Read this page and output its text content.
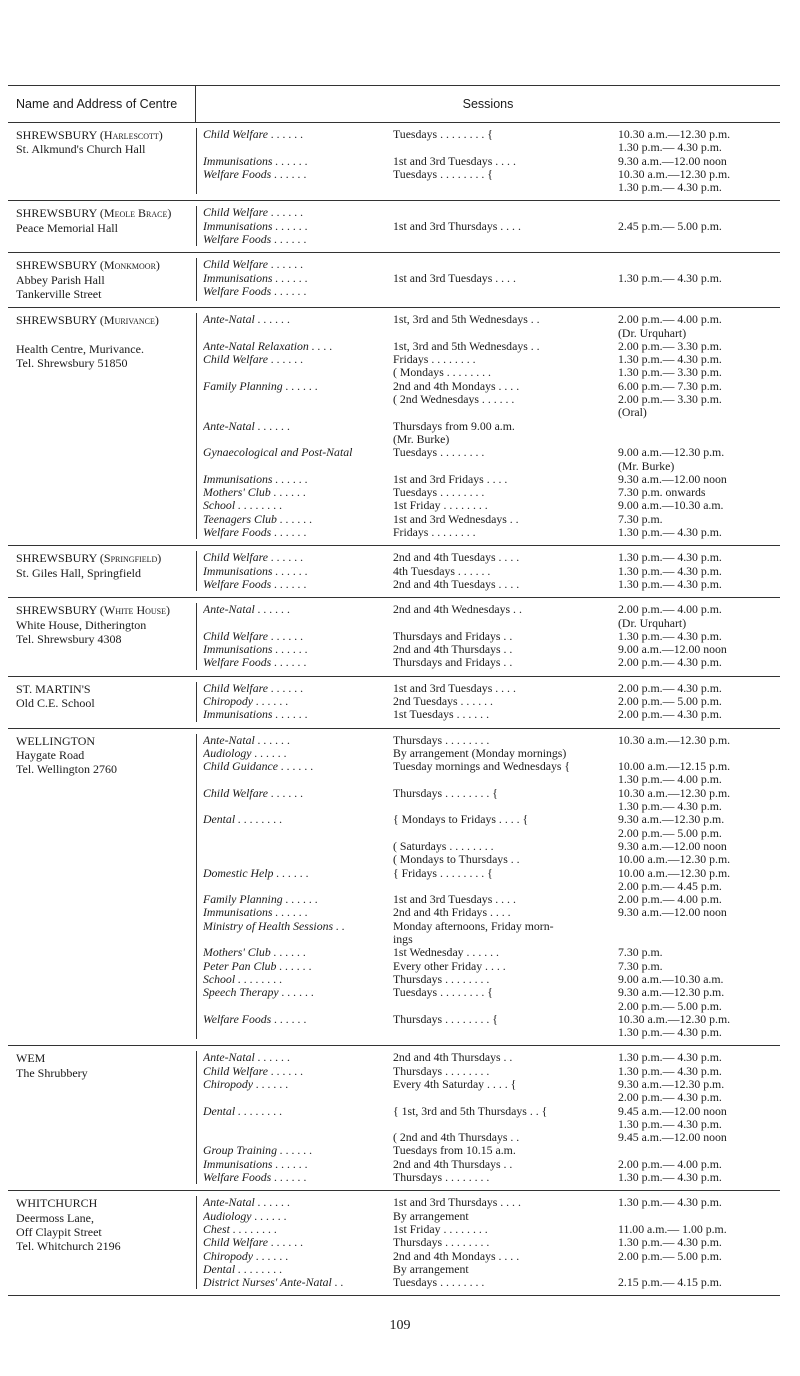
Name and Address of Centre	Sessions
SHREWSBURY (Harlescott)
St. Alkmund's Church Hall
Child Welfare . . . . . .	Tuesdays . . . . . . . . {	10.30 a.m.—12.30 p.m.
1.30 p.m.— 4.30 p.m.
Immunisations . . . . . .	1st and 3rd Tuesdays . . . .	9.30 a.m.—12.00 noon
Welfare Foods . . . . . .	Tuesdays . . . . . . . . {	10.30 a.m.—12.30 p.m.
1.30 p.m.— 4.30 p.m.
SHREWSBURY (Meole Brace)
Peace Memorial Hall
Child Welfare . . . . . .
Immunisations . . . . . .	1st and 3rd Thursdays . . . .	2.45 p.m.— 5.00 p.m.
Welfare Foods . . . . . .
SHREWSBURY (Monkmoor)
Abbey Parish Hall
Tankerville Street
Child Welfare . . . . . .
Immunisations . . . . . .	1st and 3rd Tuesdays . . . .	1.30 p.m.— 4.30 p.m.
Welfare Foods . . . . . .
SHREWSBURY (Murivance)
Health Centre, Murivance.
Tel. Shrewsbury 51850
Ante-Natal . . . . . .	1st, 3rd and 5th Wednesdays . .	2.00 p.m.— 4.00 p.m.
(Dr. Urquhart)
Ante-Natal Relaxation . . . .	1st, 3rd and 5th Wednesdays . .	2.00 p.m.— 3.30 p.m.
Child Welfare . . . . . .	Fridays . . . . . . . .	1.30 p.m.— 4.30 p.m.
( Mondays . . . . . . . .	1.30 p.m.— 3.30 p.m.
Family Planning . . . . . .	2nd and 4th Mondays . . . .	6.00 p.m.— 7.30 p.m.
( 2nd Wednesdays . . . . . .	2.00 p.m.— 3.30 p.m.
(Oral)
Ante-Natal . . . . . .	Thursdays from 9.00 a.m.
(Mr. Burke)
Gynaecological and Post-Natal	Tuesdays . . . . . . . .	9.00 a.m.—12.30 p.m.
(Mr. Burke)
Immunisations . . . . . .	1st and 3rd Fridays . . . .	9.30 a.m.—12.00 noon
Mothers' Club . . . . . .	Tuesdays . . . . . . . .	7.30 p.m. onwards
School . . . . . . . .	1st Friday . . . . . . . .	9.00 a.m.—10.30 a.m.
Teenagers Club . . . . . .	1st and 3rd Wednesdays . .	7.30 p.m.
Welfare Foods . . . . . .	Fridays . . . . . . . .	1.30 p.m.— 4.30 p.m.
SHREWSBURY (Springfield)
St. Giles Hall, Springfield
Child Welfare . . . . . .	2nd and 4th Tuesdays . . . .	1.30 p.m.— 4.30 p.m.
Immunisations . . . . . .	4th Tuesdays . . . . . .	1.30 p.m.— 4.30 p.m.
Welfare Foods . . . . . .	2nd and 4th Tuesdays . . . .	1.30 p.m.— 4.30 p.m.
SHREWSBURY (White House)
White House, Ditherington
Tel. Shrewsbury 4308
Ante-Natal . . . . . .	2nd and 4th Wednesdays . .	2.00 p.m.— 4.00 p.m.
(Dr. Urquhart)
Child Welfare . . . . . .	Thursdays and Fridays . .	1.30 p.m.— 4.30 p.m.
Immunisations . . . . . .	2nd and 4th Thursdays . .	9.00 a.m.—12.00 noon
Welfare Foods . . . . . .	Thursdays and Fridays . .	2.00 p.m.— 4.30 p.m.
ST. MARTIN'S
Old C.E. School
Child Welfare . . . . . .	1st and 3rd Tuesdays . . . .	2.00 p.m.— 4.30 p.m.
Chiropody . . . . . .	2nd Tuesdays . . . . . .	2.00 p.m.— 5.00 p.m.
Immunisations . . . . . .	1st Tuesdays . . . . . .	2.00 p.m.— 4.30 p.m.
WELLINGTON
Haygate Road
Tel. Wellington 2760
Ante-Natal . . . . . .	Thursdays . . . . . . . .	10.30 a.m.—12.30 p.m.
Audiology . . . . . .	By arrangement (Monday mornings)
Child Guidance . . . . . .	Tuesday mornings and Wednesdays {	10.00 a.m.—12.15 p.m.
1.30 p.m.— 4.00 p.m.
Child Welfare . . . . . .	Thursdays . . . . . . . . {	10.30 a.m.—12.30 p.m.
1.30 p.m.— 4.30 p.m.
Dental . . . . . . . .	{ Mondays to Fridays . . . . {	9.30 a.m.—12.30 p.m.
2.00 p.m.— 5.00 p.m.
( Saturdays . . . . . . . .	9.30 a.m.—12.00 noon
( Mondays to Thursdays . .	10.00 a.m.—12.30 p.m.
Domestic Help . . . . . .	{ Fridays . . . . . . . . {	10.00 a.m.—12.30 p.m.
2.00 p.m.— 4.45 p.m.
Family Planning . . . . . .	1st and 3rd Tuesdays . . . .	2.00 p.m.— 4.00 p.m.
Immunisations . . . . . .	2nd and 4th Fridays . . . .	9.30 a.m.—12.00 noon
Ministry of Health Sessions . .	Monday afternoons, Friday morn-
ings
Mothers' Club . . . . . .	1st Wednesday . . . . . .	7.30 p.m.
Peter Pan Club . . . . . .	Every other Friday . . . .	7.30 p.m.
School . . . . . . . .	Thursdays . . . . . . . .	9.00 a.m.—10.30 a.m.
Speech Therapy . . . . . .	Tuesdays . . . . . . . . {	9.30 a.m.—12.30 p.m.
2.00 p.m.— 5.00 p.m.
Welfare Foods . . . . . .	Thursdays . . . . . . . . {	10.30 a.m.—12.30 p.m.
1.30 p.m.— 4.30 p.m.
WEM
The Shrubbery
Ante-Natal . . . . . .	2nd and 4th Thursdays . .	1.30 p.m.— 4.30 p.m.
Child Welfare . . . . . .	Thursdays . . . . . . . .	1.30 p.m.— 4.30 p.m.
Chiropody . . . . . .	Every 4th Saturday . . . . {	9.30 a.m.—12.30 p.m.
2.00 p.m.— 4.30 p.m.
Dental . . . . . . . .	{ 1st, 3rd and 5th Thursdays . . {	9.45 a.m.—12.00 noon
1.30 p.m.— 4.30 p.m.
( 2nd and 4th Thursdays . .	9.45 a.m.—12.00 noon
Group Training . . . . . .	Tuesdays from 10.15 a.m.
Immunisations . . . . . .	2nd and 4th Thursdays . .	2.00 p.m.— 4.00 p.m.
Welfare Foods . . . . . .	Thursdays . . . . . . . .	1.30 p.m.— 4.30 p.m.
WHITCHURCH
Deermoss Lane,
Off Claypit Street
Tel. Whitchurch 2196
Ante-Natal . . . . . .	1st and 3rd Thursdays . . . .	1.30 p.m.— 4.30 p.m.
Audiology . . . . . .	By arrangement
Chest . . . . . . . .	1st Friday . . . . . . . .	11.00 a.m.— 1.00 p.m.
Child Welfare . . . . . .	Thursdays . . . . . . . .	1.30 p.m.— 4.30 p.m.
Chiropody . . . . . .	2nd and 4th Mondays . . . .	2.00 p.m.— 5.00 p.m.
Dental . . . . . . . .	By arrangement
District Nurses' Ante-Natal . .	Tuesdays . . . . . . . .	2.15 p.m.— 4.15 p.m.
109
